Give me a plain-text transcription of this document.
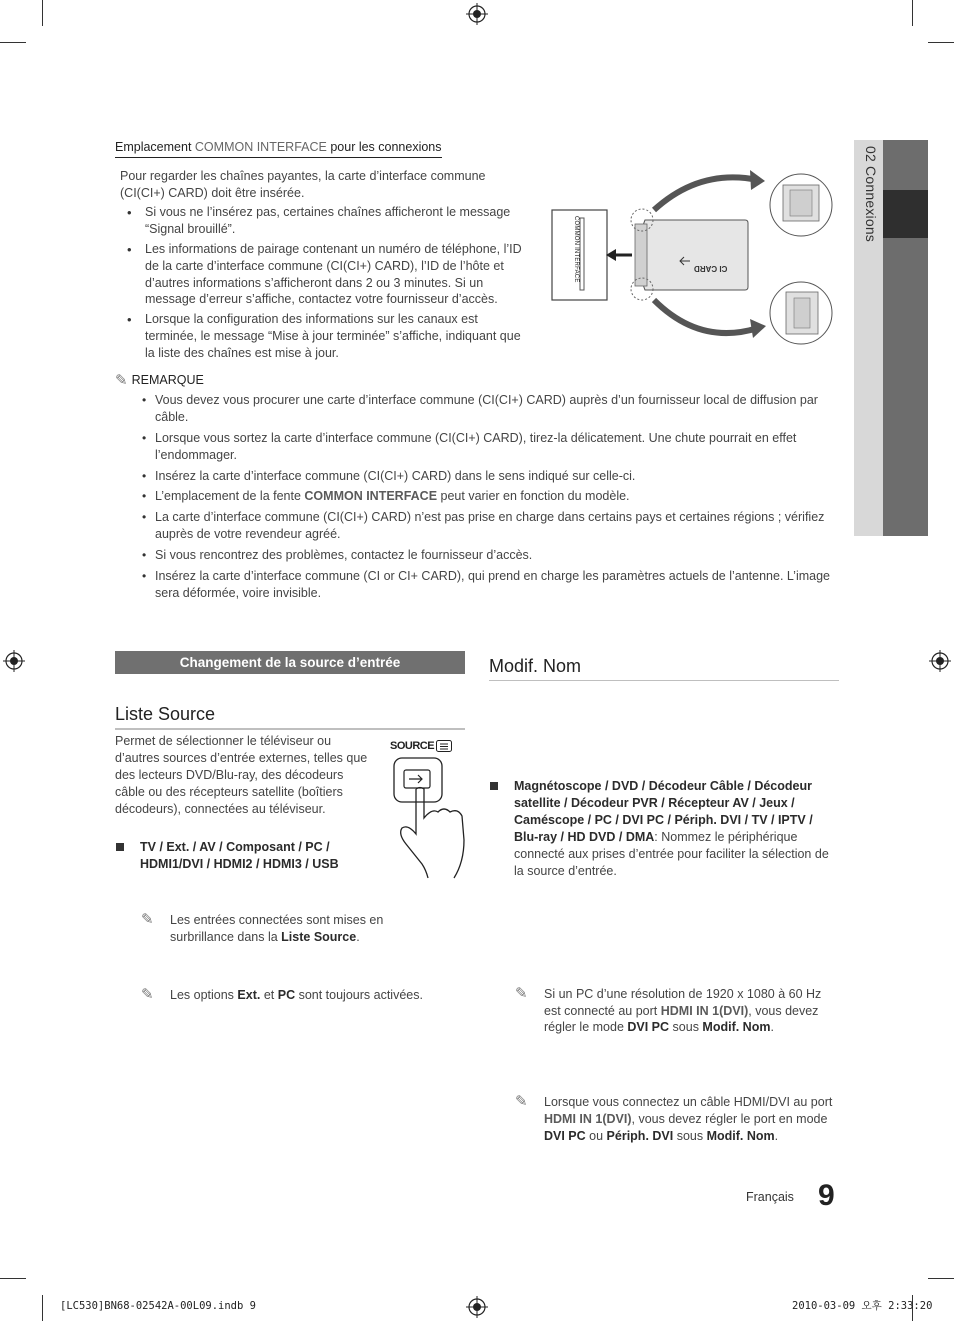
02 Connexions
Emplacement COMMON INTERFACE pour les connexions
Pour regarder les chaînes payantes, la carte d’interface commune (CI(CI+) CARD) doit être insérée.
• Si vous ne l’insérez pas, certaines chaînes afficheront le message “Signal brouillé”.
• Les informations de pairage contenant un numéro de téléphone, l’ID de la carte d’interface commune (CI(CI+) CARD), l’ID de l’hôte et d’autres informations s’afficheront dans 2 ou 3 minutes. Si un message d’erreur s’affiche, contactez votre fournisseur d’accès.
• Lorsque la configuration des informations sur les canaux est terminée, le message “Mise à jour terminée” s’affiche, indiquant que la liste des chaînes est mise à jour.
COMMON INTERFACE	CI CARD
✎ REMARQUE
• Vous devez vous procurer une carte d’interface commune (CI(CI+) CARD) auprès d’un fournisseur local de diffusion par câble.
• Lorsque vous sortez la carte d’interface commune (CI(CI+) CARD), tirez-la délicatement. Une chute pourrait en effet l’endommager.
• Insérez la carte d’interface commune (CI(CI+) CARD) dans le sens indiqué sur celle-ci.
• L’emplacement de la fente COMMON INTERFACE peut varier en fonction du modèle.
• La carte d’interface commune (CI(CI+) CARD) n’est pas prise en charge dans certains pays et certaines régions ; vérifiez auprès de votre revendeur agréé.
• Si vous rencontrez des problèmes, contactez le fournisseur d’accès.
• Insérez la carte d’interface commune (CI or CI+ CARD), qui prend en charge les paramètres actuels de l’antenne. L’image sera déformée, voire invisible.
Changement de la source d’entrée
Liste Source
Permet de sélectionner le téléviseur ou d’autres sources d’entrée externes, telles que des lecteurs DVD/Blu-ray, des décodeurs câble ou des récepteurs satellite (boîtiers décodeurs), connectées au téléviseur.
SOURCE
TV / Ext. / AV / Composant / PC / HDMI1/DVI / HDMI2 / HDMI3 / USB
✎ Les entrées connectées sont mises en surbrillance dans la Liste Source.
✎ Les options Ext. et PC sont toujours activées.
Modif. Nom
Magnétoscope / DVD / Décodeur Câble / Décodeur satellite / Décodeur PVR / Récepteur AV / Jeux / Caméscope / PC / DVI PC / Périph. DVI / TV / IPTV / Blu-ray / HD DVD / DMA: Nommez le périphérique connecté aux prises d’entrée pour faciliter la sélection de la source d’entrée.
✎ Si un PC d’une résolution de 1920 x 1080 à 60 Hz est connecté au port HDMI IN 1(DVI), vous devez régler le mode DVI PC sous Modif. Nom.
✎ Lorsque vous connectez un câble HDMI/DVI au port HDMI IN 1(DVI), vous devez régler le port en mode DVI PC ou Périph. DVI sous Modif. Nom.
Français 9
[LC530]BN68-02542A-00L09.indb 9	2010-03-09 오후 2:33:20
